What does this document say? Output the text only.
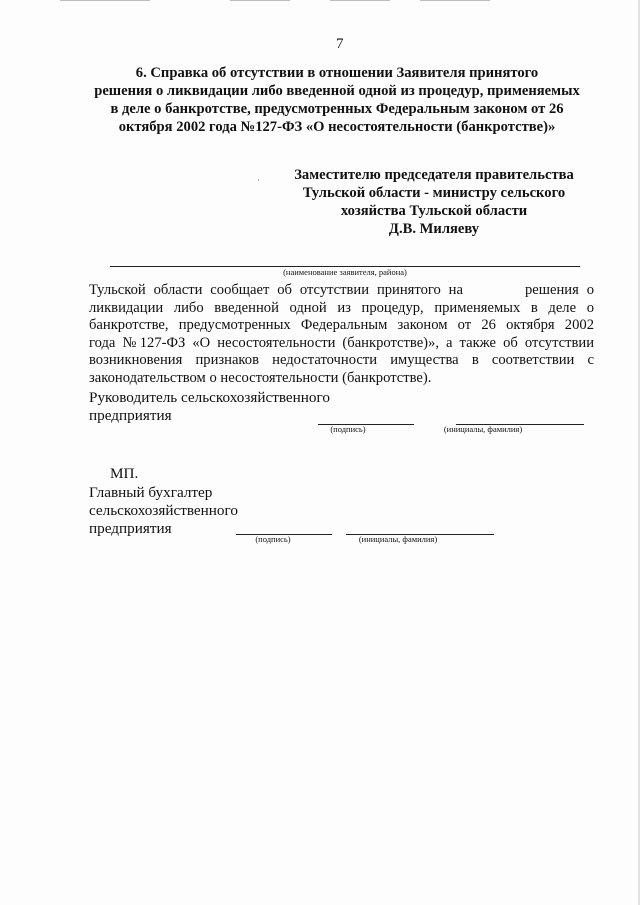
7
6. Справка об отсутствии в отношении Заявителя принятого
решения о ликвидации либо введенной одной из процедур, применяемых
в деле о банкротстве, предусмотренных Федеральным законом от 26
октября 2002 года №127-ФЗ «О несостоятельности (банкротстве)»
·	Заместителю председателя правительства
Тульской области - министру сельского
хозяйства Тульской области
Д.В. Миляеву
(наименование заявителя, района)
Тульской области сообщает об отсутствии принятого на	решения о
ликвидации либо введенной одной из процедур, применяемых в деле о
банкротстве, предусмотренных Федеральным законом от 26 октября 2002
года №127-ФЗ «О несостоятельности (банкротстве)», а также об отсутствии
возникновения признаков недостаточности имущества в соответствии с
законодательством о несостоятельности (банкротстве).
Руководитель сельскохозяйственного
предприятия
(подпись)	(инициалы, фамилия)
МП.
Главный бухгалтер
сельскохозяйственного
предприятия
(подпись)	(инициалы, фамилия)
